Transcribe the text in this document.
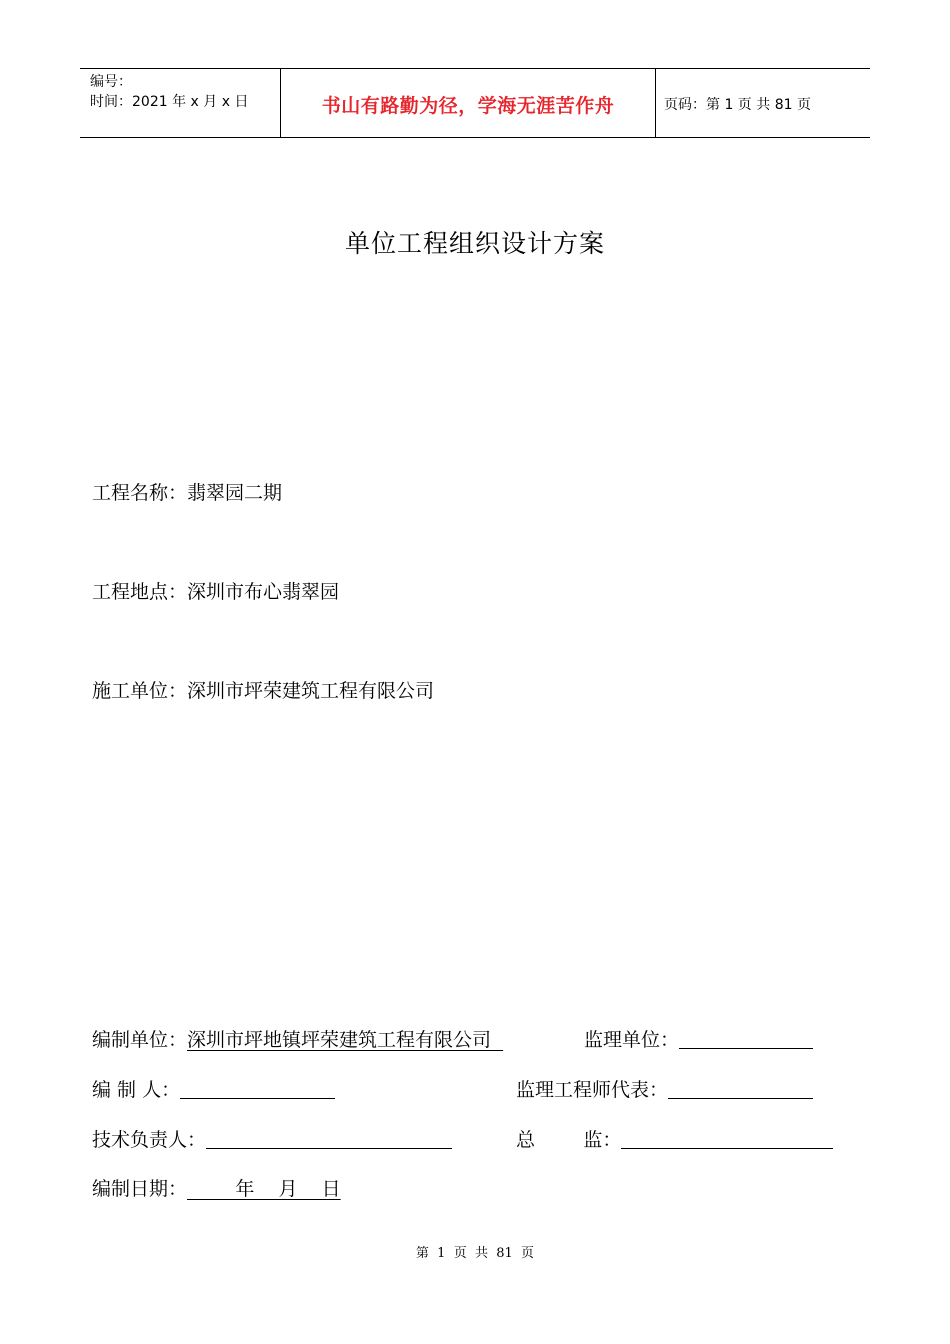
编号：
时间：2021 年 x 月 x 日	书山有路勤为径，学海无涯苦作舟	页码：第 1 页 共 81 页
单位工程组织设计方案
工程名称：翡翠园二期
工程地点：深圳市布心翡翠园
施工单位：深圳市坪荣建筑工程有限公司
编制单位：深圳市坪地镇坪荣建筑工程有限公司	监理单位：
编 制 人：	监理工程师代表：
技术负责人：	总        监：
编制日期：        年    月    日
第  1  页  共  81  页
